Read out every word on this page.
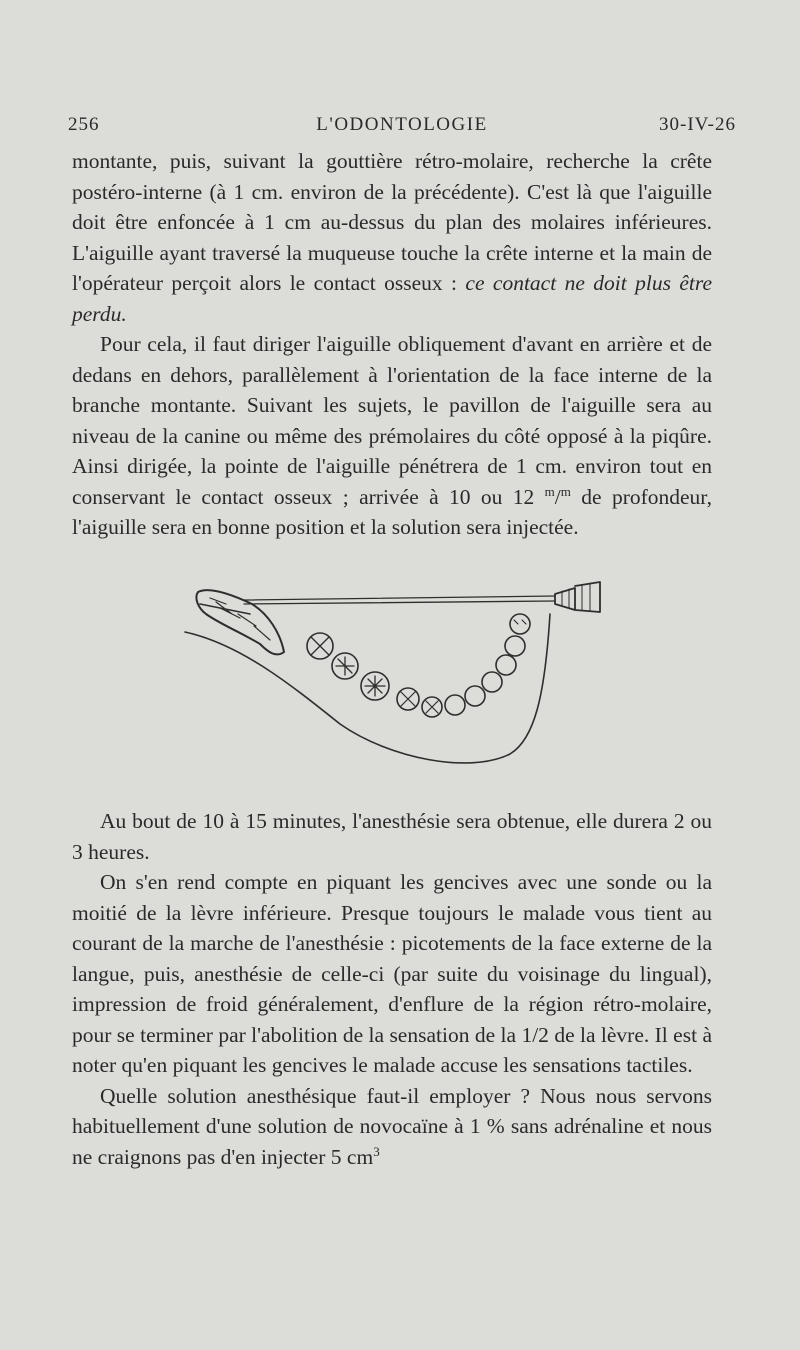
256	L'ODONTOLOGIE	30-IV-26

montante, puis, suivant la gouttière rétro-molaire, recherche la crête postéro-interne (à 1 cm. environ de la précédente). C'est là que l'aiguille doit être enfoncée à 1 cm au-dessus du plan des molaires inférieures. L'aiguille ayant traversé la muqueuse touche la crête interne et la main de l'opérateur perçoit alors le contact osseux : ce contact ne doit plus être perdu.

Pour cela, il faut diriger l'aiguille obliquement d'avant en arrière et de dedans en dehors, parallèlement à l'orientation de la face interne de la branche montante. Suivant les sujets, le pavillon de l'aiguille sera au niveau de la canine ou même des prémolaires du côté opposé à la piqûre. Ainsi dirigée, la pointe de l'aiguille pénétrera de 1 cm. environ tout en conservant le contact osseux ; arrivée à 10 ou 12 $^m$/$^m$ de profondeur, l'aiguille sera en bonne position et la solution sera injectée.

Au bout de 10 à 15 minutes, l'anesthésie sera obtenue, elle durera 2 ou 3 heures.

On s'en rend compte en piquant les gencives avec une sonde ou la moitié de la lèvre inférieure. Presque toujours le malade vous tient au courant de la marche de l'anesthésie : picotements de la face externe de la langue, puis, anesthésie de celle-ci (par suite du voisinage du lingual), impression de froid généralement, d'enflure de la région rétro-molaire, pour se terminer par l'abolition de la sensation de la 1/2 de la lèvre. Il est à noter qu'en piquant les gencives le malade accuse les sensations tactiles.

Quelle solution anesthésique faut-il employer ? Nous nous servons habituellement d'une solution de novocaïne à 1 % sans adrénaline et nous ne craignons pas d'en injecter 5 $cm^3$
